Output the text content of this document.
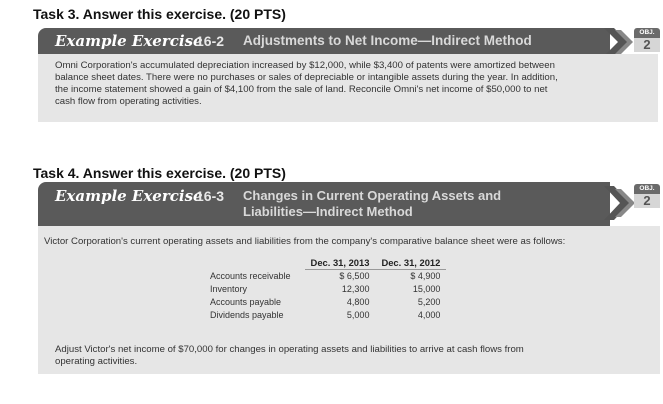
Task 3. Answer this exercise. (20 PTS)
Example Exercise
16-2 Adjustments to Net Income—Indirect Method
OBJ.
2
Omni Corporation's accumulated depreciation increased by $12,000, while $3,400 of patents were amortized between
balance sheet dates. There were no purchases or sales of depreciable or intangible assets during the year. In addition,
the income statement showed a gain of $4,100 from the sale of land. Reconcile Omni's net income of $50,000 to net
cash flow from operating activities.
Task 4. Answer this exercise. (20 PTS)
Example Exercise
16-3 Changes in Current Operating Assets and
Liabilities—Indirect Method
OBJ.
2
Victor Corporation's current operating assets and liabilities from the company's comparative balance sheet were as follows:
	Dec. 31, 2013	Dec. 31, 2012
Accounts receivable	$ 6,500	$ 4,900
Inventory	12,300	15,000
Accounts payable	4,800	5,200
Dividends payable	5,000	4,000
Adjust Victor's net income of $70,000 for changes in operating assets and liabilities to arrive at cash flows from
operating activities.
